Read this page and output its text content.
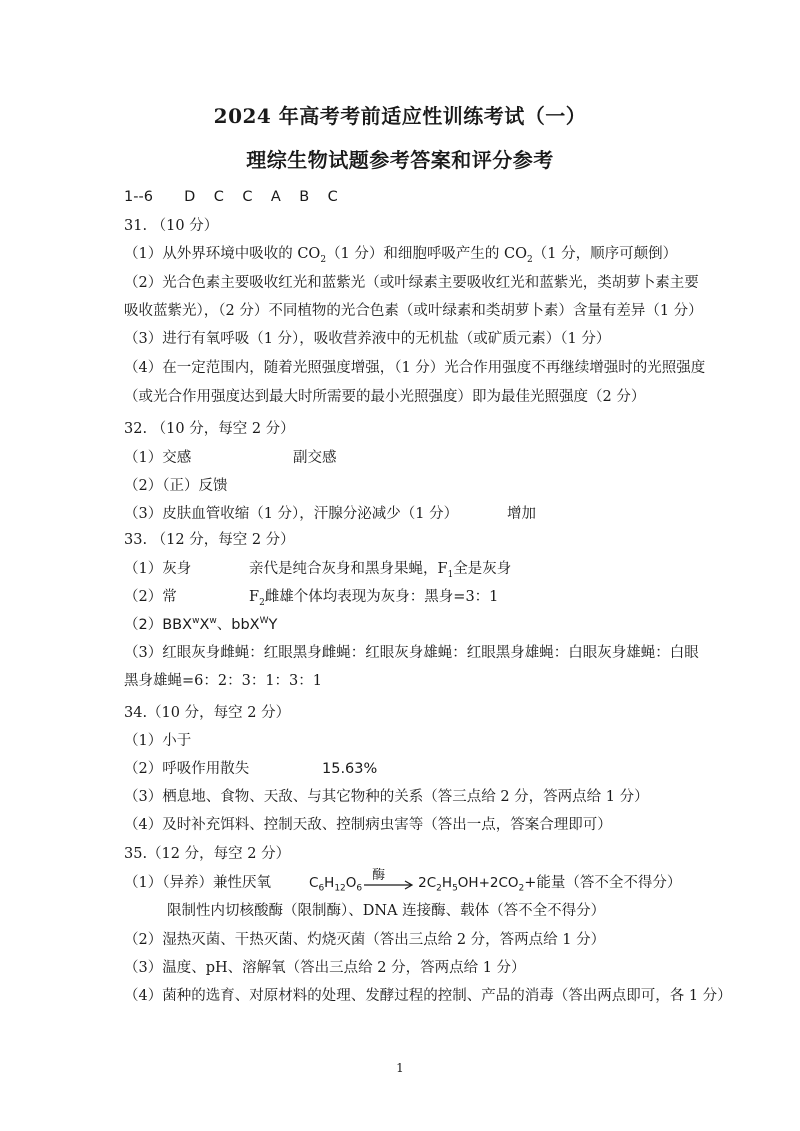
2024 年高考考前适应性训练考试（一）
理综生物试题参考答案和评分参考
1--6 D C C A B C
31. （10 分）
（1）从外界环境中吸收的 $CO_2(1$ 分）和细胞呼吸产生的 $CO_2(1$ 分，顺序可颠倒）
（2）光合色素主要吸收红光和蓝紫光（或叶绿素主要吸收红光和蓝紫光，类胡萝卜素主要
吸收蓝紫光），（2 分）不同植物的光合色素（或叶绿素和类胡萝卜素）含量有差异（1 分）
（3）进行有氧呼吸（1 分），吸收营养液中的无机盐（或矿质元素）（1 分）
（4）在一定范围内，随着光照强度增强，（1 分）光合作用强度不再继续增强时的光照强度
（或光合作用强度达到最大时所需要的最小光照强度）即为最佳光照强度（2 分）
32. （10 分，每空 2 分）
（1）交感	副交感
（2）（正）反馈
（3）皮肤血管收缩（1 分），汗腺分泌减少（1 分）	增加
33. （12 分，每空 2 分）
（1）灰身	亲代是纯合灰身和黑身果蝇，$F_1$全是灰身
（2）常	$F_2$雌雄个体均表现为灰身：黑身=3：1
$(2)BBX^wX^w$、bbX$^W$Y
（3）红眼灰身雌蝇：红眼黑身雌蝇：红眼灰身雄蝇：红眼黑身雄蝇：白眼灰身雄蝇：白眼
黑身雄蝇=6：2：3：1：3：1
34.（10 分，每空 2 分）
（1）小于
（2）呼吸作用散失	15.63%
（3）栖息地、食物、天敌、与其它物种的关系（答三点给 2 分，答两点给 1 分）
（4）及时补充饵料、控制天敌、控制病虫害等（答出一点，答案合理即可）
35.（12 分，每空 2 分）
（1）（异养）兼性厌氧	$C_6H_{12}O_6$
酶 $2C_2H_5OH+2CO_2+$能量（答不全不得分）
限制性内切核酸酶（限制酶）、DNA 连接酶、载体（答不全不得分）
（2）湿热灭菌、干热灭菌、灼烧灭菌（答出三点给 2 分，答两点给 1 分）
（3）温度、pH、溶解氧（答出三点给 2 分，答两点给 1 分）
（4）菌种的选育、对原材料的处理、发酵过程的控制、产品的消毒（答出两点即可，各 1 分）
1
